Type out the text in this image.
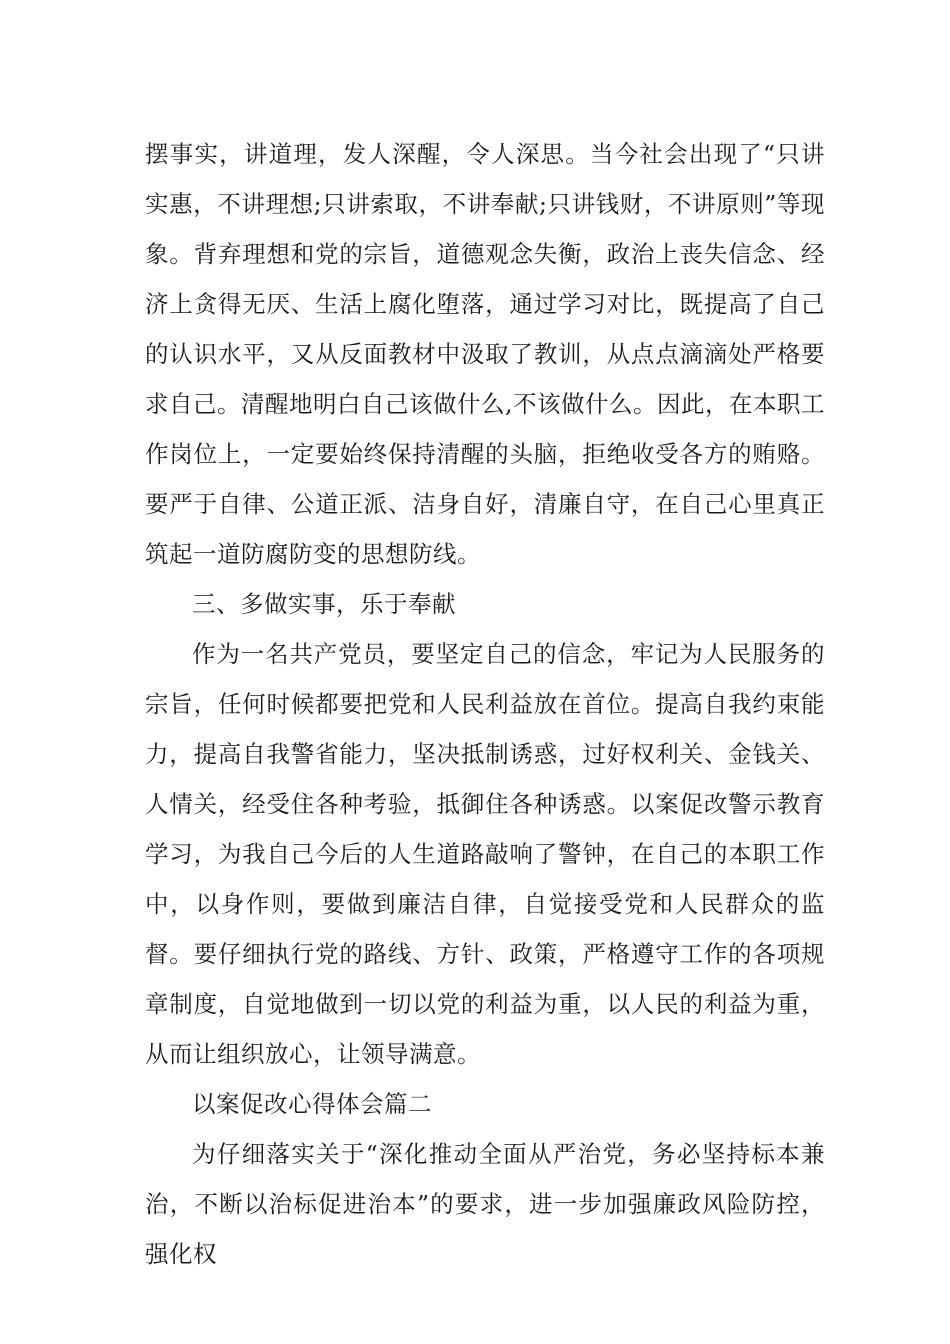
摆事实，讲道理，发人深醒，令人深思。当今社会出现了“只讲实惠，不讲理想;只讲索取，不讲奉献;只讲钱财，不讲原则”等现象。背弃理想和党的宗旨，道德观念失衡，政治上丧失信念、经济上贪得无厌、生活上腐化堕落，通过学习对比，既提高了自己的认识水平，又从反面教材中汲取了教训，从点点滴滴处严格要求自己。清醒地明白自己该做什么,不该做什么。因此，在本职工作岗位上，一定要始终保持清醒的头脑，拒绝收受各方的贿赂。要严于自律、公道正派、洁身自好，清廉自守，在自己心里真正筑起一道防腐防变的思想防线。

三、多做实事，乐于奉献

作为一名共产党员，要坚定自己的信念，牢记为人民服务的宗旨，任何时候都要把党和人民利益放在首位。提高自我约束能力，提高自我警省能力，坚决抵制诱惑，过好权利关、金钱关、人情关，经受住各种考验，抵御住各种诱惑。以案促改警示教育学习，为我自己今后的人生道路敲响了警钟，在自己的本职工作中，以身作则，要做到廉洁自律，自觉接受党和人民群众的监督。要仔细执行党的路线、方针、政策，严格遵守工作的各项规章制度，自觉地做到一切以党的利益为重，以人民的利益为重，从而让组织放心，让领导满意。

以案促改心得体会篇二

为仔细落实关于“深化推动全面从严治党，务必坚持标本兼治，不断以治标促进治本”的要求，进一步加强廉政风险防控，强化权
